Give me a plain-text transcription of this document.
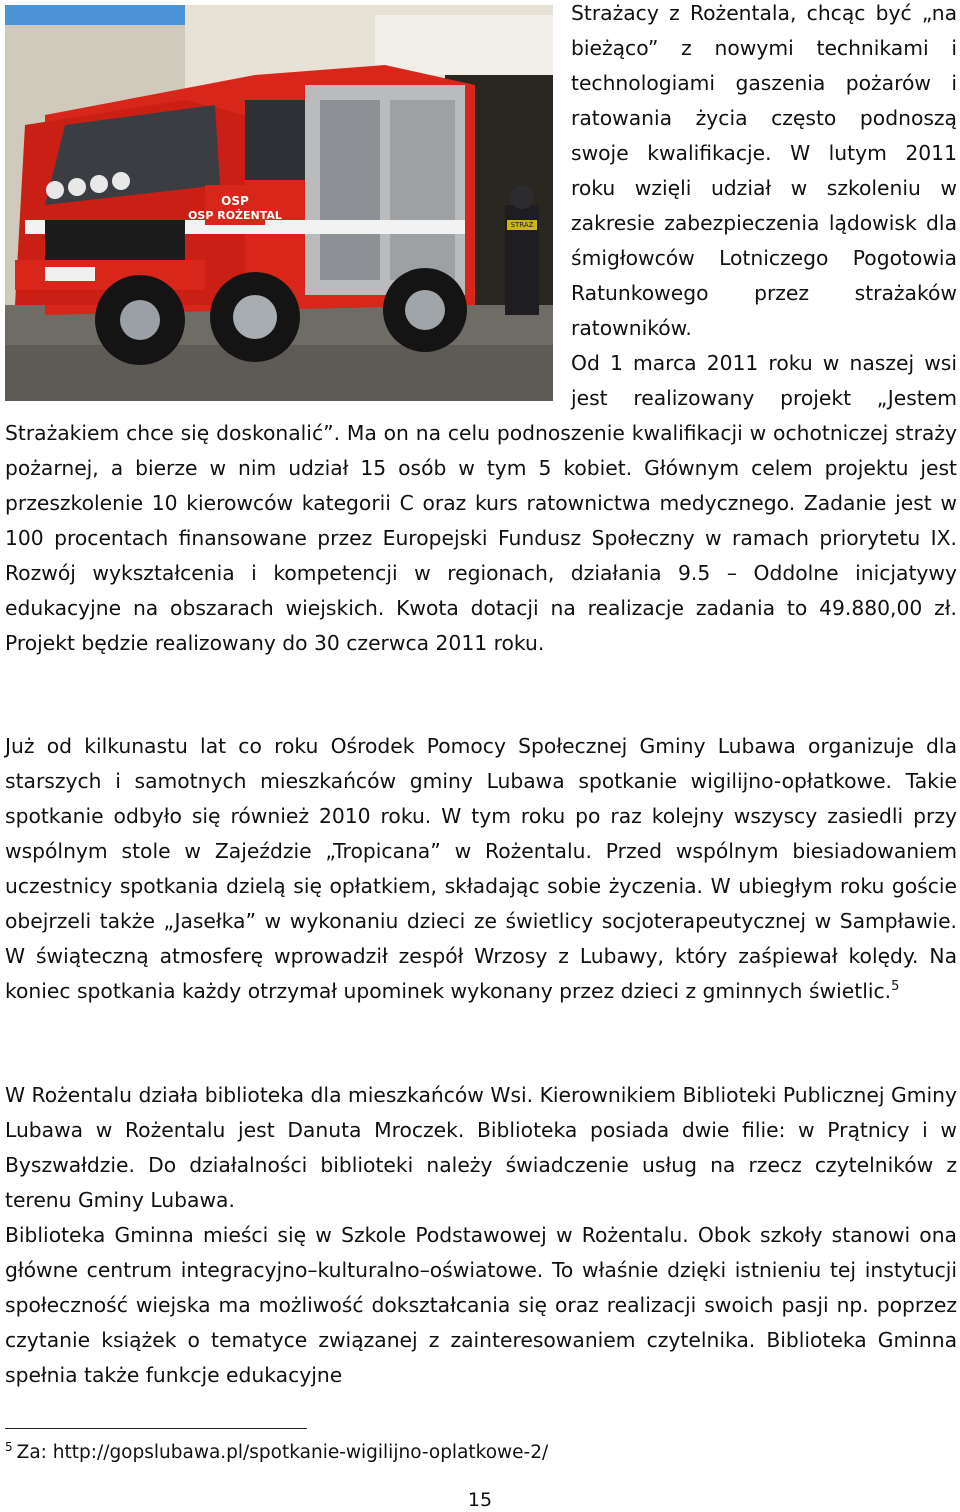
OSP
OSP ROŻENTAL
STRAŻ

Strażacy z Rożentala, chcąc być „na bieżąco” z nowymi technikami i technologiami gaszenia pożarów i ratowania życia często podnoszą swoje kwalifikacje. W lutym 2011 roku wzięli udział w szkoleniu w zakresie zabezpieczenia lądowisk dla śmigłowców Lotniczego Pogotowia Ratunkowego przez strażaków ratowników.

Od 1 marca 2011 roku w naszej wsi jest realizowany projekt „Jestem Strażakiem chce się doskonalić”. Ma on na celu podnoszenie kwalifikacji w ochotniczej straży pożarnej, a bierze w nim udział 15 osób w tym 5 kobiet. Głównym celem projektu jest przeszkolenie 10 kierowców kategorii C oraz kurs ratownictwa medycznego. Zadanie jest w 100 procentach finansowane przez Europejski Fundusz Społeczny w ramach priorytetu IX. Rozwój wykształcenia i kompetencji w regionach, działania 9.5 – Oddolne inicjatywy edukacyjne na obszarach wiejskich. Kwota dotacji na realizacje zadania to 49.880,00 zł. Projekt będzie realizowany do 30 czerwca 2011 roku.

Już od kilkunastu lat co roku Ośrodek Pomocy Społecznej Gminy Lubawa organizuje dla starszych i samotnych mieszkańców gminy Lubawa spotkanie wigilijno-opłatkowe. Takie spotkanie odbyło się również 2010 roku. W tym roku po raz kolejny wszyscy zasiedli przy wspólnym stole w Zajeździe „Tropicana” w Rożentalu. Przed wspólnym biesiadowaniem uczestnicy spotkania dzielą się opłatkiem, składając sobie życzenia. W ubiegłym roku goście obejrzeli także „Jasełka” w wykonaniu dzieci ze świetlicy socjoterapeutycznej w Sampławie. W świąteczną atmosferę wprowadził zespół Wrzosy z Lubawy, który zaśpiewał kolędy. Na koniec spotkania każdy otrzymał upominek wykonany przez dzieci z gminnych świetlic.$^5$

W Rożentalu działa biblioteka dla mieszkańców Wsi. Kierownikiem Biblioteki Publicznej Gminy Lubawa w Rożentalu jest Danuta Mroczek. Biblioteka posiada dwie filie: w Prątnicy i w Byszwałdzie. Do działalności biblioteki należy świadczenie usług na rzecz czytelników z terenu Gminy Lubawa.

Biblioteka Gminna mieści się w Szkole Podstawowej w Rożentalu. Obok szkoły stanowi ona główne centrum integracyjno–kulturalno–oświatowe. To właśnie dzięki istnieniu tej instytucji społeczność wiejska ma możliwość dokształcania się oraz realizacji swoich pasji np. poprzez czytanie książek o tematyce związanej z zainteresowaniem czytelnika. Biblioteka Gminna spełnia także funkcje edukacyjne

$^5$ Za: http://gopslubawa.pl/spotkanie-wigilijno-oplatkowe-2/
15
